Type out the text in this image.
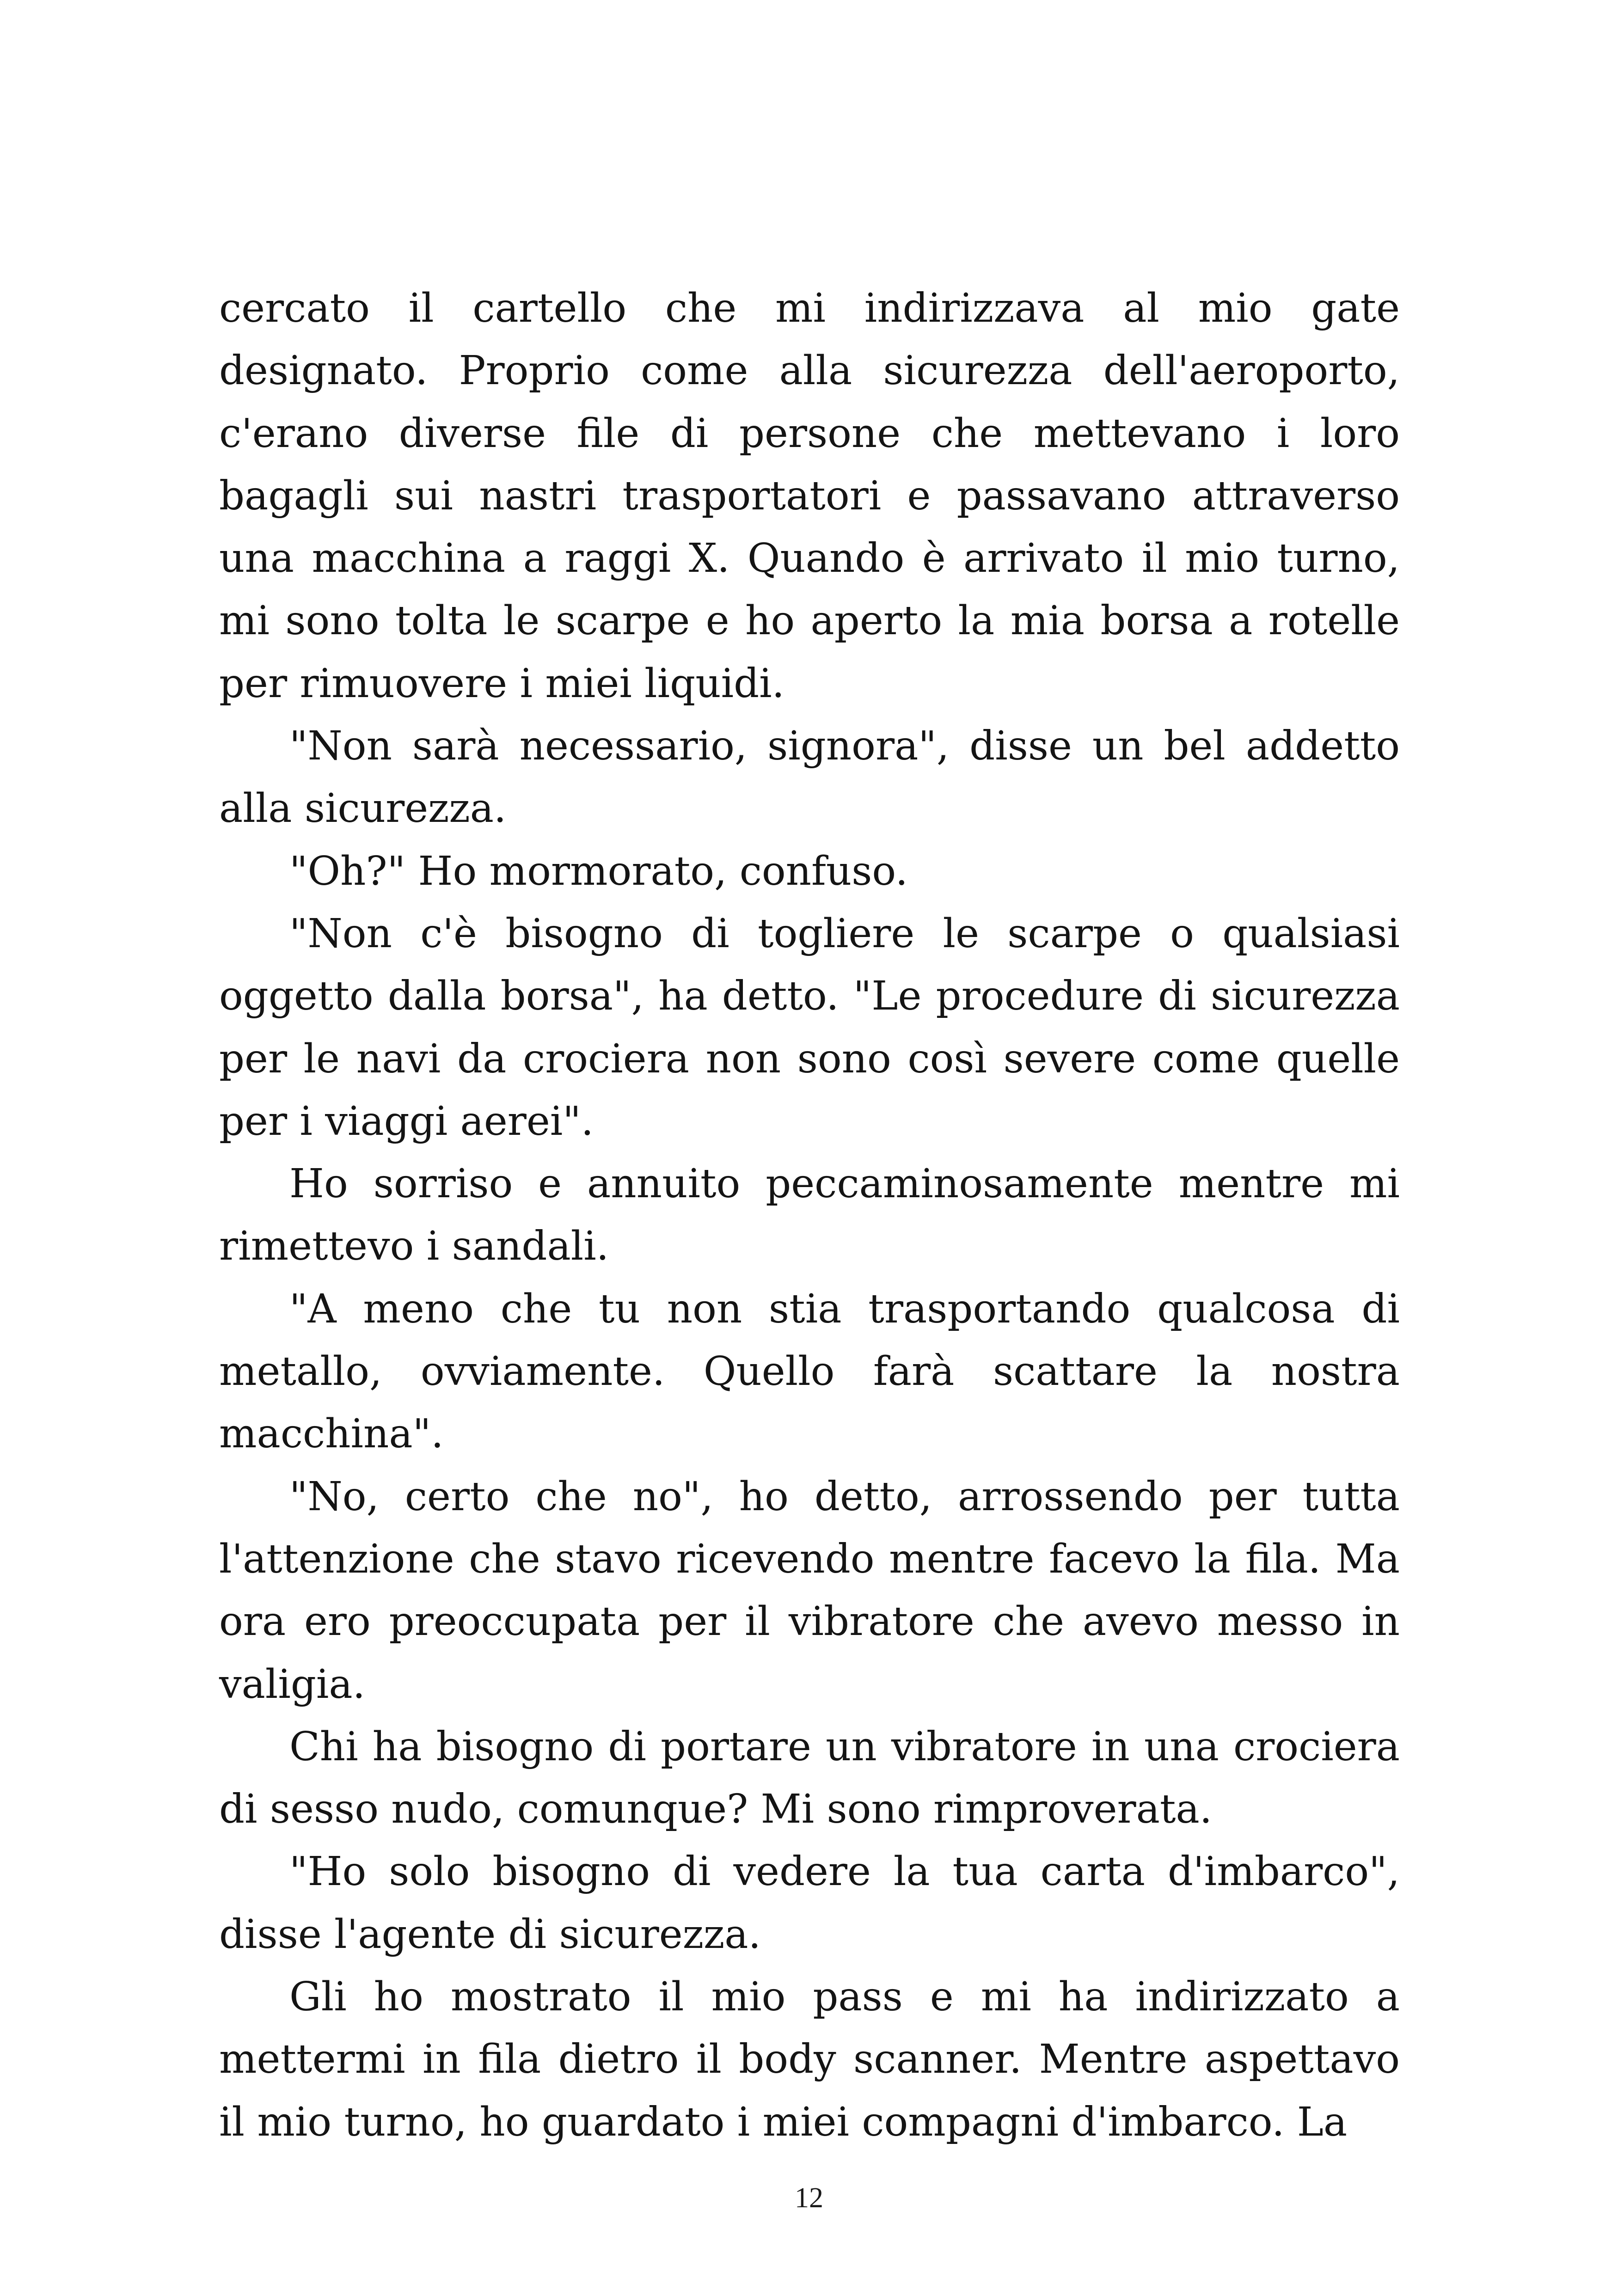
cercato il cartello che mi indirizzava al mio gate designato. Proprio come alla sicurezza dell'aeroporto, c'erano diverse file di persone che mettevano i loro bagagli sui nastri trasportatori e passavano attraverso una macchina a raggi X. Quando è arrivato il mio turno, mi sono tolta le scarpe e ho aperto la mia borsa a rotelle per rimuovere i miei liquidi.

"Non sarà necessario, signora", disse un bel addetto alla sicurezza.

"Oh?" Ho mormorato, confuso.

"Non c'è bisogno di togliere le scarpe o qualsiasi oggetto dalla borsa", ha detto. "Le procedure di sicurezza per le navi da crociera non sono così severe come quelle per i viaggi aerei".

Ho sorriso e annuito peccaminosamente mentre mi rimettevo i sandali.

"A meno che tu non stia trasportando qualcosa di metallo, ovviamente. Quello farà scattare la nostra macchina".

"No, certo che no", ho detto, arrossendo per tutta l'attenzione che stavo ricevendo mentre facevo la fila. Ma ora ero preoccupata per il vibratore che avevo messo in valigia.

Chi ha bisogno di portare un vibratore in una crociera di sesso nudo, comunque? Mi sono rimproverata.

"Ho solo bisogno di vedere la tua carta d'imbarco", disse l'agente di sicurezza.

Gli ho mostrato il mio pass e mi ha indirizzato a mettermi in fila dietro il body scanner. Mentre aspettavo il mio turno, ho guardato i miei compagni d'imbarco. La

12
